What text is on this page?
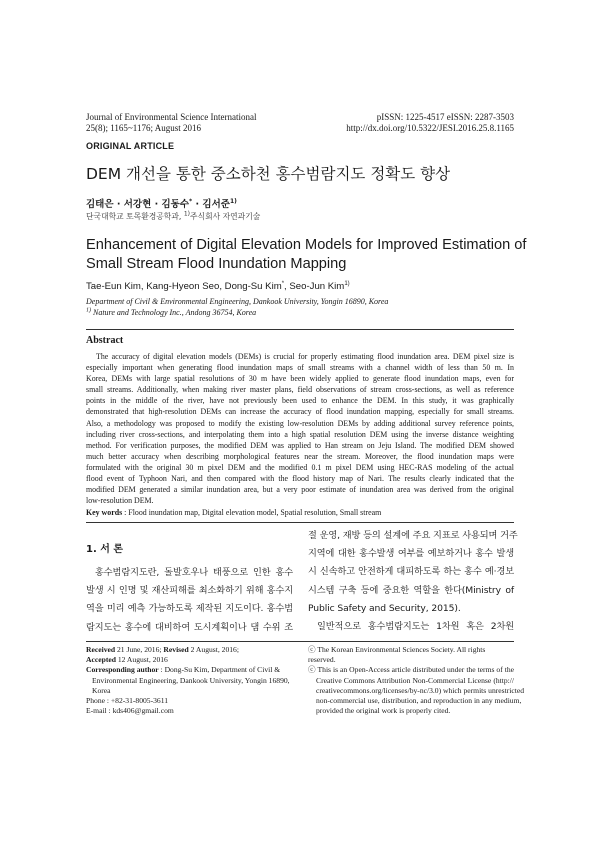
Journal of Environmental Science International
25(8); 1165~1176; August 2016
pISSN: 1225-4517 eISSN: 2287-3503
http://dx.doi.org/10.5322/JESI.2016.25.8.1165
ORIGINAL ARTICLE
DEM 개선을 통한 중소하천 홍수범람지도 정확도 향상
김태은 · 서강현 · 김동수* · 김서준$^{1)}$
단국대학교 토목환경공학과, $^{1)}$주식회사 자연과기술
Enhancement of Digital Elevation Models for Improved Estimation of
Small Stream Flood Inundation Mapping
Tae-Eun Kim, Kang-Hyeon Seo, Dong-Su Kim*, Seo-Jun Kim$^{1)}$
Department of Civil & Environmental Engineering, Dankook University, Yongin 16890, Korea
$^{1)}$ Nature and Technology Inc., Andong 36754, Korea
Abstract
The accuracy of digital elevation models (DEMs) is crucial for properly estimating flood inundation area. DEM pixel size is
especially important when generating flood inundation maps of small streams with a channel width of less than 50 m. In
Korea, DEMs with large spatial resolutions of 30 m have been widely applied to generate flood inundation maps, even for
small streams. Additionally, when making river master plans, field observations of stream cross-sections, as well as reference
points in the middle of the river, have not previously been used to enhance the DEM. In this study, it was graphically
demonstrated that high-resolution DEMs can increase the accuracy of flood inundation mapping, especially for small streams.
Also, a methodology was proposed to modify the existing low-resolution DEMs by adding additional survey reference points,
including river cross-sections, and interpolating them into a high spatial resolution DEM using the inverse distance weighting
method. For verification purposes, the modified DEM was applied to Han stream on Jeju Island. The modified DEM showed
much better accuracy when describing morphological features near the stream. Moreover, the flood inundation maps were
formulated with the original 30 m pixel DEM and the modified 0.1 m pixel DEM using HEC-RAS modeling of the actual
flood event of Typhoon Nari, and then compared with the flood history map of Nari. The results clearly indicated that the
modified DEM generated a similar inundation area, but a very poor estimate of inundation area was derived from the original
low-resolution DEM.
Key words : Flood inundation map, Digital elevation model, Spatial resolution, Small stream
1. 서 론
홍수범람지도란, 돌발호우나 태풍으로 인한 홍수
발생 시 인명 및 재산피해를 최소화하기 위해 홍수지
역을 미리 예측 가능하도록 제작된 지도이다. 홍수범
람지도는 홍수에 대비하여 도시계획이나 댐 수위 조
절 운영, 재방 등의 설계에 주요 지표로 사용되며 거주
지역에 대한 홍수발생 여부를 예보하거나 홍수 발생
시 신속하고 안전하게 대피하도록 하는 홍수 예·경보
시스템 구축 등에 중요한 역할을 한다(Ministry of
Public Safety and Security, 2015).
일반적으로 홍수범람지도는 1차원 혹은 2차원
Received 21 June, 2016; Revised 2 August, 2016;
Accepted 12 August, 2016
Corresponding author : Dong-Su Kim, Department of Civil &
Environmental Engineering, Dankook University, Yongin 16890,
Korea
Phone : +82-31-8005-3611
E-mail : kds406@gmail.com
ⓒ The Korean Environmental Sciences Society. All rights reserved.
ⓒ This is an Open-Access article distributed under the terms of the
Creative Commons Attribution Non-Commercial License (http://
creativecommons.org/licenses/by-nc/3.0) which permits unrestricted
non-commercial use, distribution, and reproduction in any medium,
provided the original work is properly cited.
